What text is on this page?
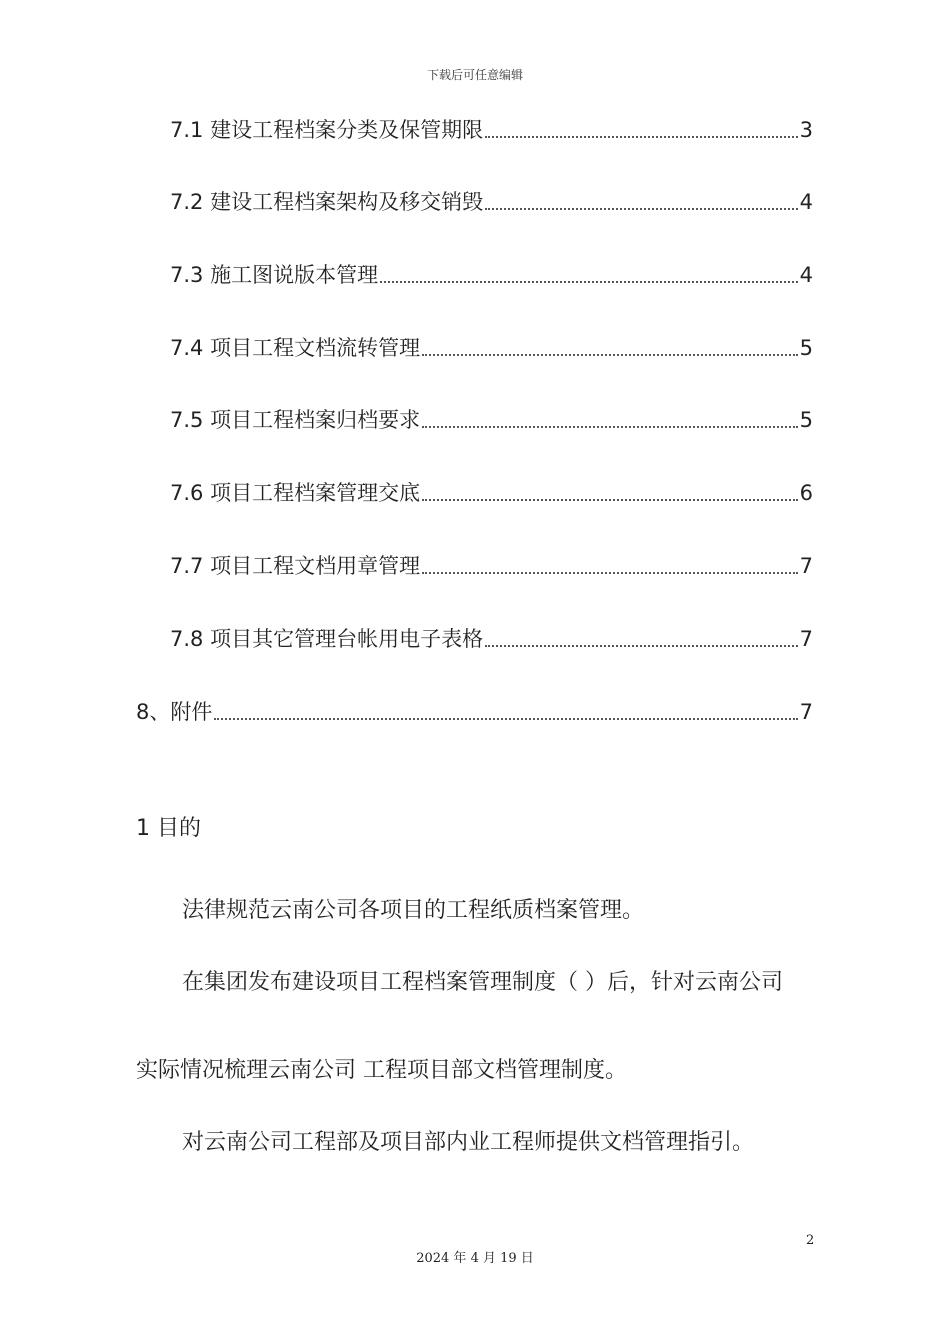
下载后可任意编辑
7.1 建设工程档案分类及保管期限	3
7.2 建设工程档案架构及移交销毁	4
7.3 施工图说版本管理	4
7.4 项目工程文档流转管理	5
7.5 项目工程档案归档要求	5
7.6 项目工程档案管理交底	6
7.7 项目工程文档用章管理	7
7.8 项目其它管理台帐用电子表格	7
8、附件	7
1 目的
法律规范云南公司各项目的工程纸质档案管理。
在集团发布建设项目工程档案管理制度（ ）后，针对云南公司
实际情况梳理云南公司 工程项目部文档管理制度。
对云南公司工程部及项目部内业工程师提供文档管理指引。
2
2024 年 4 月 19 日
